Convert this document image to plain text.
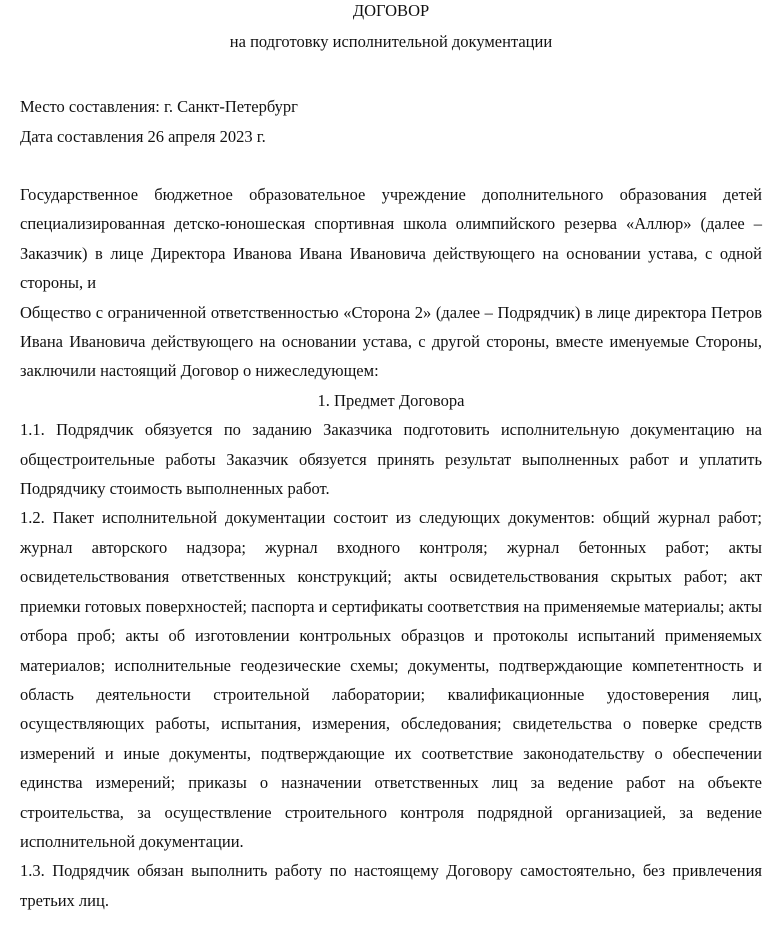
ДОГОВОР

на подготовку исполнительной документации

Место составления: г. Санкт-Петербург

Дата составления 26 апреля 2023 г.

Государственное бюджетное образовательное учреждение дополнительного образования детей специализированная детско-юношеская спортивная школа олимпийского резерва «Аллюр» (далее – Заказчик) в лице Директора Иванова Ивана Ивановича действующего на основании устава, с одной стороны, и

Общество с ограниченной ответственностью «Сторона 2» (далее – Подрядчик) в лице директора Петров Ивана Ивановича действующего на основании устава, с другой стороны, вместе именуемые Стороны, заключили настоящий Договор о нижеследующем:

1. Предмет Договора

1.1. Подрядчик обязуется по заданию Заказчика подготовить исполнительную документацию на общестроительные работы Заказчик обязуется принять результат выполненных работ и уплатить Подрядчику стоимость выполненных работ.

1.2. Пакет исполнительной документации состоит из следующих документов: общий журнал работ; журнал авторского надзора; журнал входного контроля; журнал бетонных работ; акты освидетельствования ответственных конструкций; акты освидетельствования скрытых работ; акт приемки готовых поверхностей; паспорта и сертификаты соответствия на применяемые материалы; акты отбора проб; акты об изготовлении контрольных образцов и протоколы испытаний применяемых материалов; исполнительные геодезические схемы; документы, подтверждающие компетентность и область деятельности строительной лаборатории; квалификационные удостоверения лиц, осуществляющих работы, испытания, измерения, обследования; свидетельства о поверке средств измерений и иные документы, подтверждающие их соответствие законодательству о обеспечении единства измерений; приказы о назначении ответственных лиц за ведение работ на объекте строительства, за осуществление строительного контроля подрядной организацией, за ведение исполнительной документации.

1.3. Подрядчик обязан выполнить работу по настоящему Договору самостоятельно, без привлечения третьих лиц.
